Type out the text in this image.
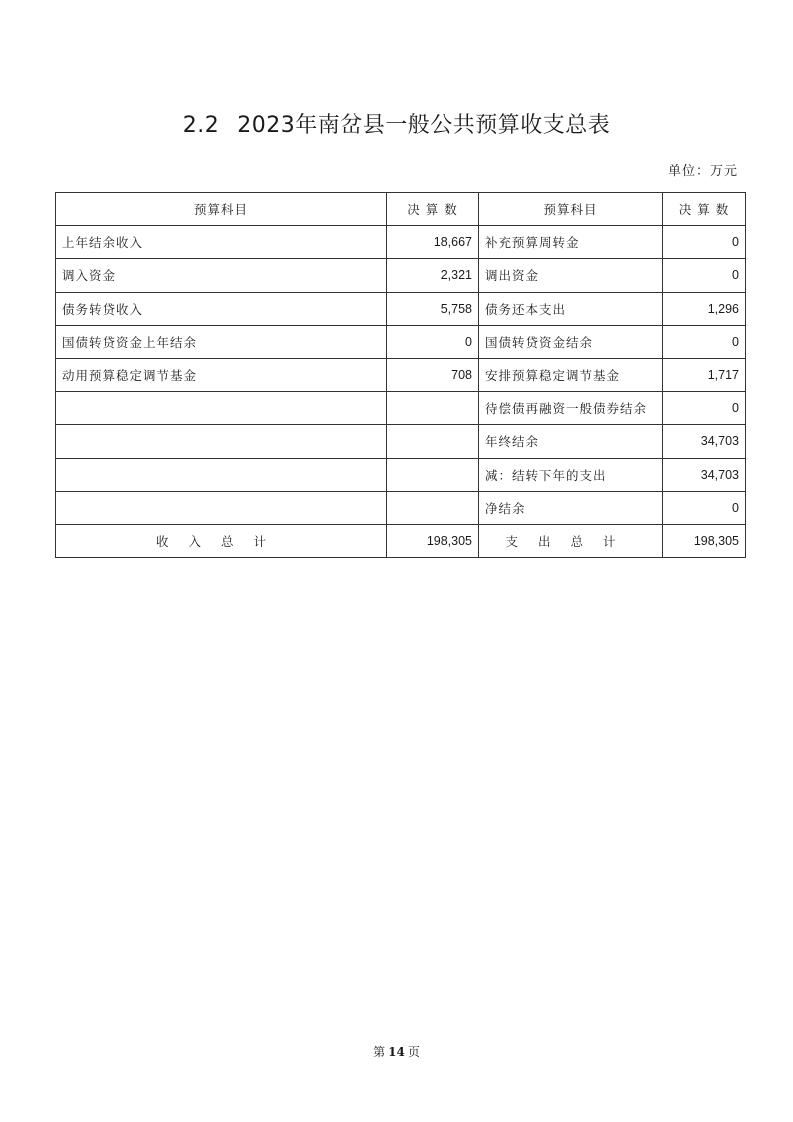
2.2 2023年南岔县一般公共预算收支总表
单位：万元
预算科目	决 算 数	预算科目	决 算 数
上年结余收入	18,667	补充预算周转金	0
调入资金	2,321	调出资金	0
债务转贷收入	5,758	债务还本支出	1,296
国债转贷资金上年结余	0	国债转贷资金结余	0
动用预算稳定调节基金	708	安排预算稳定调节基金	1,717
		待偿债再融资一般债券结余	0
		年终结余	34,703
		减：结转下年的支出	34,703
		净结余	0
收入总计	198,305	支出总计	198,305
第 14 页
